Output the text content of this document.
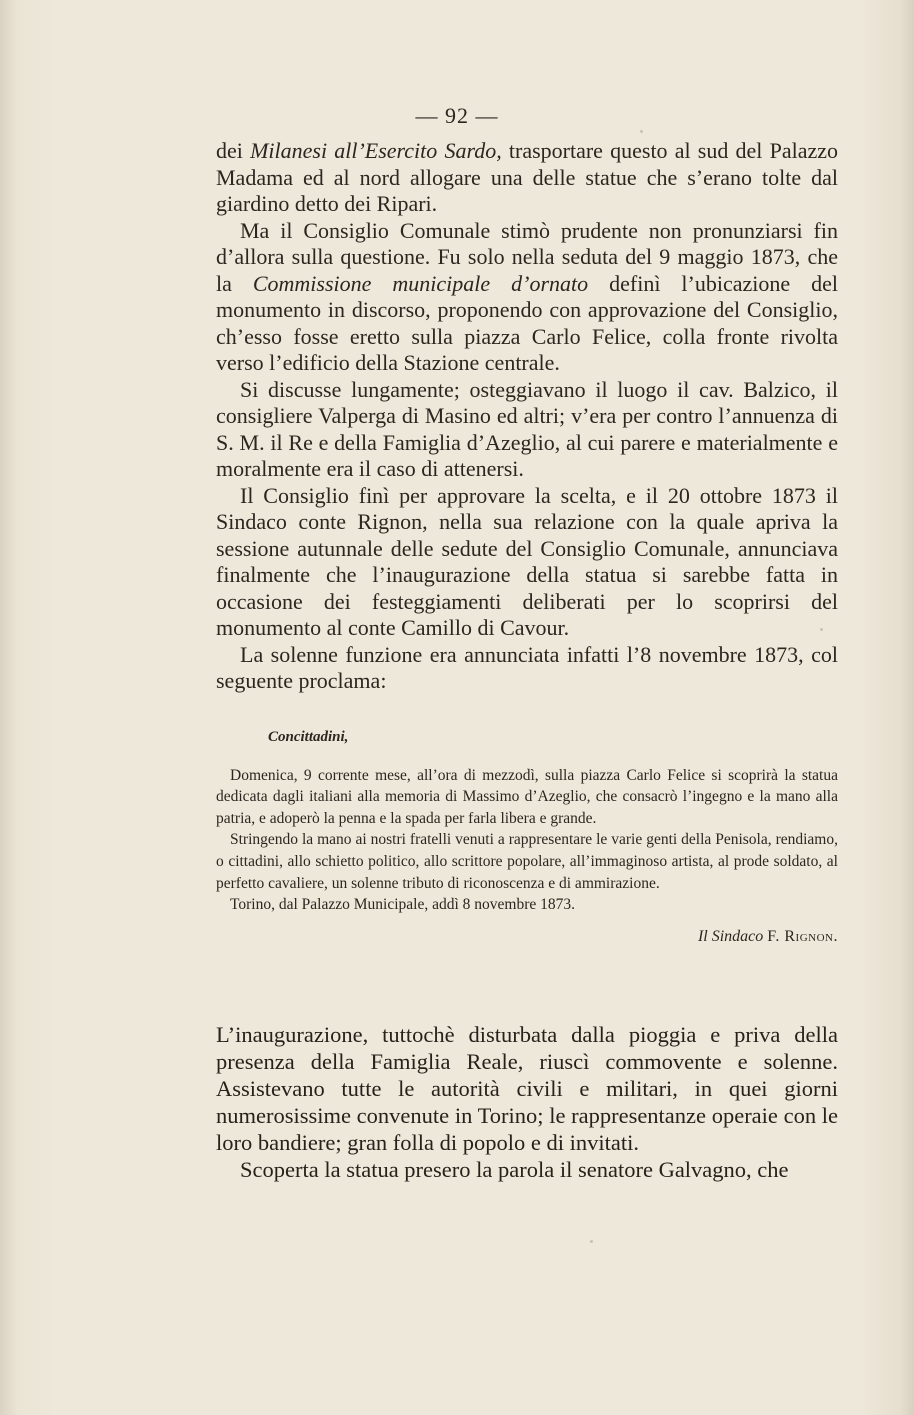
— 92 —

dei Milanesi all’Esercito Sardo, trasportare questo al sud del Palazzo Madama ed al nord allogare una delle statue che s’erano tolte dal giardino detto dei Ripari.

Ma il Consiglio Comunale stimò prudente non pronunziarsi fin d’allora sulla questione. Fu solo nella seduta del 9 maggio 1873, che la Commissione municipale d’ornato definì l’ubicazione del monumento in discorso, proponendo con approvazione del Consiglio, ch’esso fosse eretto sulla piazza Carlo Felice, colla fronte rivolta verso l’edificio della Stazione centrale.

Si discusse lungamente; osteggiavano il luogo il cav. Balzico, il consigliere Valperga di Masino ed altri; v’era per contro l’annuenza di S. M. il Re e della Famiglia d’Azeglio, al cui parere e materialmente e moralmente era il caso di attenersi.

Il Consiglio finì per approvare la scelta, e il 20 ottobre 1873 il Sindaco conte Rignon, nella sua relazione con la quale apriva la sessione autunnale delle sedute del Consiglio Comunale, annunciava finalmente che l’inaugurazione della statua si sarebbe fatta in occasione dei festeggiamenti deliberati per lo scoprirsi del monumento al conte Camillo di Cavour.

La solenne funzione era annunciata infatti l’8 novembre 1873, col seguente proclama:

Concittadini,

Domenica, 9 corrente mese, all’ora di mezzodì, sulla piazza Carlo Felice si scoprirà la statua dedicata dagli italiani alla memoria di Massimo d’Azeglio, che consacrò l’ingegno e la mano alla patria, e adoperò la penna e la spada per farla libera e grande.

Stringendo la mano ai nostri fratelli venuti a rappresentare le varie genti della Penisola, rendiamo, o cittadini, allo schietto politico, allo scrittore popolare, all’immaginoso artista, al prode soldato, al perfetto cavaliere, un solenne tributo di riconoscenza e di ammirazione.

Torino, dal Palazzo Municipale, addì 8 novembre 1873.

Il Sindaco F. Rignon.

L’inaugurazione, tuttochè disturbata dalla pioggia e priva della presenza della Famiglia Reale, riuscì commovente e solenne. Assistevano tutte le autorità civili e militari, in quei giorni numerosissime convenute in Torino; le rappresentanze operaie con le loro bandiere; gran folla di popolo e di invitati.

Scoperta la statua presero la parola il senatore Galvagno, che
